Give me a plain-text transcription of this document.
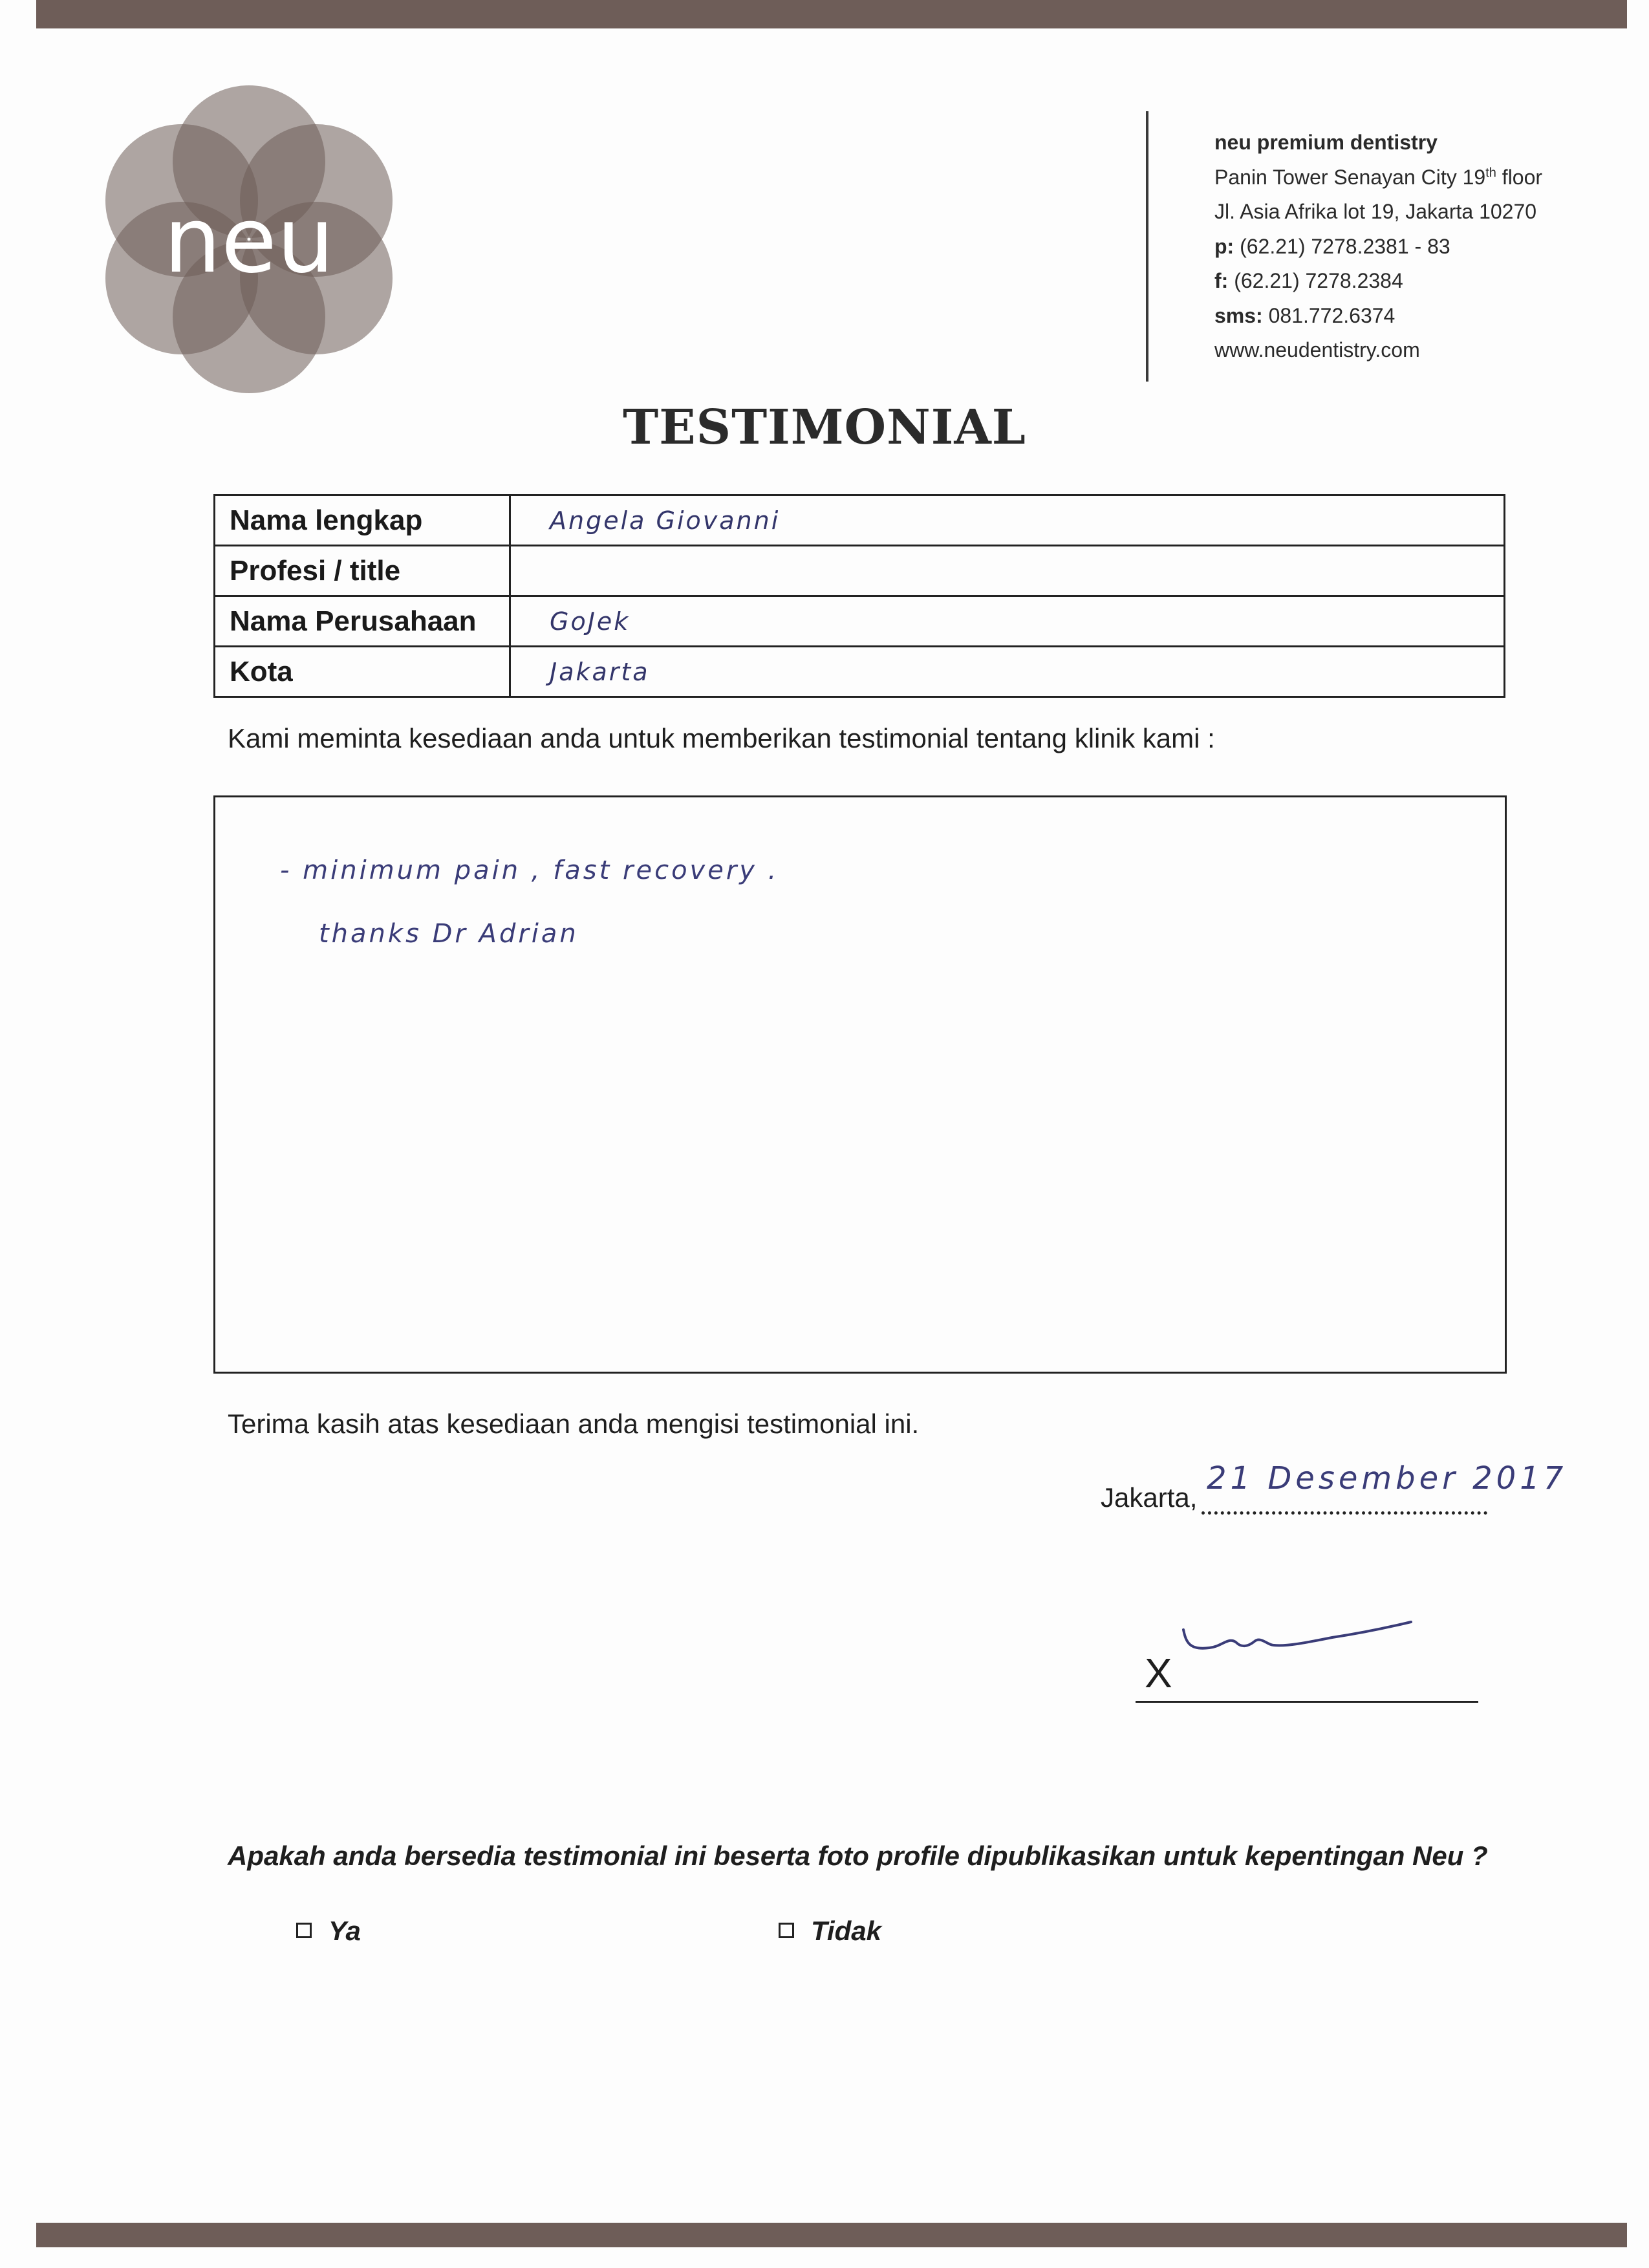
neu
neu premium dentistry
Panin Tower Senayan City 19th floor
Jl. Asia Afrika lot 19, Jakarta 10270
p: (62.21) 7278.2381 - 83
f: (62.21) 7278.2384
sms: 081.772.6374
www.neudentistry.com
TESTIMONIAL
Nama lengkap	Angela Giovanni
Profesi / title	
Nama Perusahaan	GoJek
Kota	Jakarta
Kami meminta kesediaan anda untuk memberikan testimonial tentang klinik kami :
- minimum pain , fast recovery .
thanks Dr Adrian
Terima kasih atas kesediaan anda mengisi testimonial ini.
Jakarta,
21 Desember 2017
X
Apakah anda bersedia testimonial ini beserta foto profile dipublikasikan untuk kepentingan Neu ?
Ya	Tidak
